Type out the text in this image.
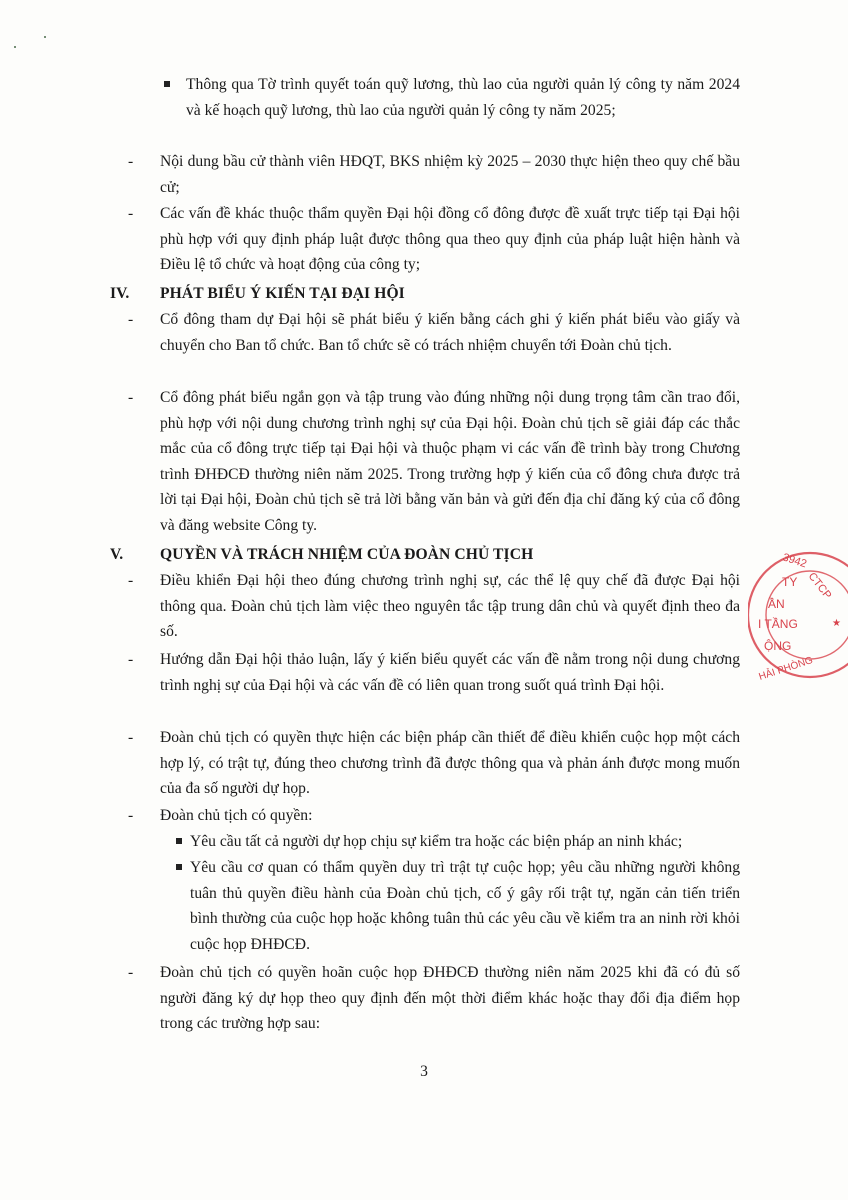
Thông qua Tờ trình quyết toán quỹ lương, thù lao của người quản lý công ty năm 2024 và kế hoạch quỹ lương, thù lao của người quản lý công ty năm 2025;
- Nội dung bầu cử thành viên HĐQT, BKS nhiệm kỳ 2025 – 2030 thực hiện theo quy chế bầu cử;
- Các vấn đề khác thuộc thẩm quyền Đại hội đồng cổ đông được đề xuất trực tiếp tại Đại hội phù hợp với quy định pháp luật được thông qua theo quy định của pháp luật hiện hành và Điều lệ tổ chức và hoạt động của công ty;
IV. PHÁT BIỂU Ý KIẾN TẠI ĐẠI HỘI
- Cổ đông tham dự Đại hội sẽ phát biểu ý kiến bằng cách ghi ý kiến phát biểu vào giấy và chuyển cho Ban tổ chức. Ban tổ chức sẽ có trách nhiệm chuyển tới Đoàn chủ tịch.
- Cổ đông phát biểu ngắn gọn và tập trung vào đúng những nội dung trọng tâm cần trao đổi, phù hợp với nội dung chương trình nghị sự của Đại hội. Đoàn chủ tịch sẽ giải đáp các thắc mắc của cổ đông trực tiếp tại Đại hội và thuộc phạm vi các vấn đề trình bày trong Chương trình ĐHĐCĐ thường niên năm 2025. Trong trường hợp ý kiến của cổ đông chưa được trả lời tại Đại hội, Đoàn chủ tịch sẽ trả lời bằng văn bản và gửi đến địa chỉ đăng ký của cổ đông và đăng website Công ty.
V. QUYỀN VÀ TRÁCH NHIỆM CỦA ĐOÀN CHỦ TỊCH
- Điều khiển Đại hội theo đúng chương trình nghị sự, các thể lệ quy chế đã được Đại hội thông qua. Đoàn chủ tịch làm việc theo nguyên tắc tập trung dân chủ và quyết định theo đa số.
- Hướng dẫn Đại hội thảo luận, lấy ý kiến biểu quyết các vấn đề nằm trong nội dung chương trình nghị sự của Đại hội và các vấn đề có liên quan trong suốt quá trình Đại hội.
- Đoàn chủ tịch có quyền thực hiện các biện pháp cần thiết để điều khiển cuộc họp một cách hợp lý, có trật tự, đúng theo chương trình đã được thông qua và phản ánh được mong muốn của đa số người dự họp.
- Đoàn chủ tịch có quyền:
Yêu cầu tất cả người dự họp chịu sự kiểm tra hoặc các biện pháp an ninh khác;
Yêu cầu cơ quan có thẩm quyền duy trì trật tự cuộc họp; yêu cầu những người không tuân thủ quyền điều hành của Đoàn chủ tịch, cố ý gây rối trật tự, ngăn cản tiến triển bình thường của cuộc họp hoặc không tuân thủ các yêu cầu về kiểm tra an ninh rời khỏi cuộc họp ĐHĐCĐ.
- Đoàn chủ tịch có quyền hoãn cuộc họp ĐHĐCĐ thường niên năm 2025 khi đã có đủ số người đăng ký dự họp theo quy định đến một thời điểm khác hoặc thay đổi địa điểm họp trong các trường hợp sau:
3
3942
CTCP
TY
ẦN
I TẦNG
ỘNG
HẢI PHÒNG
★
